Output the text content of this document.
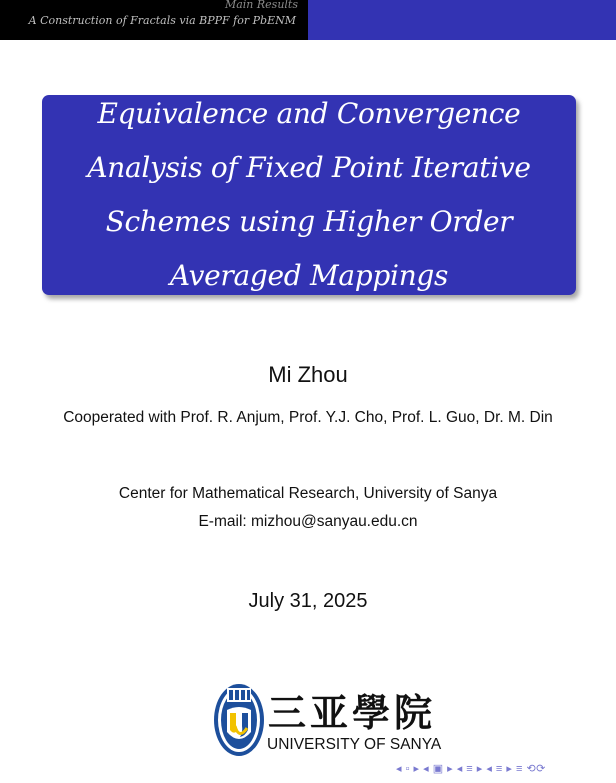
Main Results
A Construction of Fractals via BPPF for PbENM
Equivalence and Convergence Analysis of Fixed Point Iterative Schemes using Higher Order Averaged Mappings
Mi Zhou
Cooperated with Prof. R. Anjum, Prof. Y.J. Cho, Prof. L. Guo, Dr. M. Din
Center for Mathematical Research, University of Sanya
E-mail: mizhou@sanyau.edu.cn
July 31, 2025
三亚學院
UNIVERSITY OF SANYA
◂ ▫ ▸ ◂ ▣ ▸ ◂ ≡ ▸ ◂ ≡ ▸ ≡ ⟲⟳
